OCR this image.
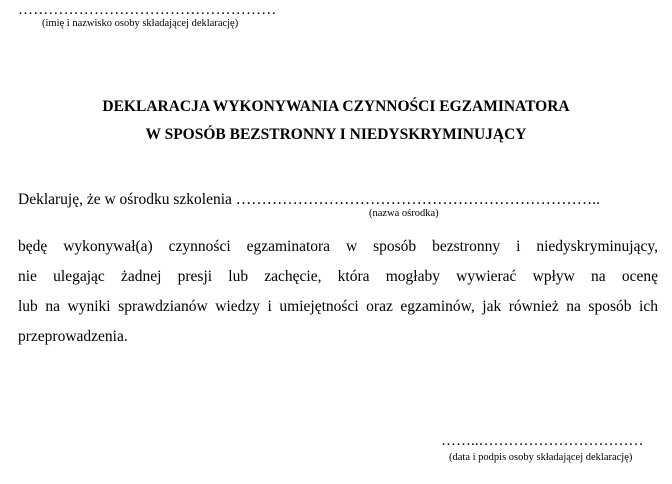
……………………………………………
(imię i nazwisko osoby składającej deklarację)
DEKLARACJA WYKONYWANIA CZYNNOŚCI EGZAMINATORA
W SPOSÓB BEZSTRONNY I NIEDYSKRYMINUJĄCY
Deklaruję, że w ośrodku szkolenia ……………………………………………………………..
(nazwa ośrodka)
będę wykonywał(a) czynności egzaminatora w sposób bezstronny i niedyskryminujący,
nie ulegając żadnej presji lub zachęcie, która mogłaby wywierać wpływ na ocenę
lub na wyniki sprawdzianów wiedzy i umiejętności oraz egzaminów, jak również na sposób ich
przeprowadzenia.
……..……………………………
(data i podpis osoby składającej deklarację)
